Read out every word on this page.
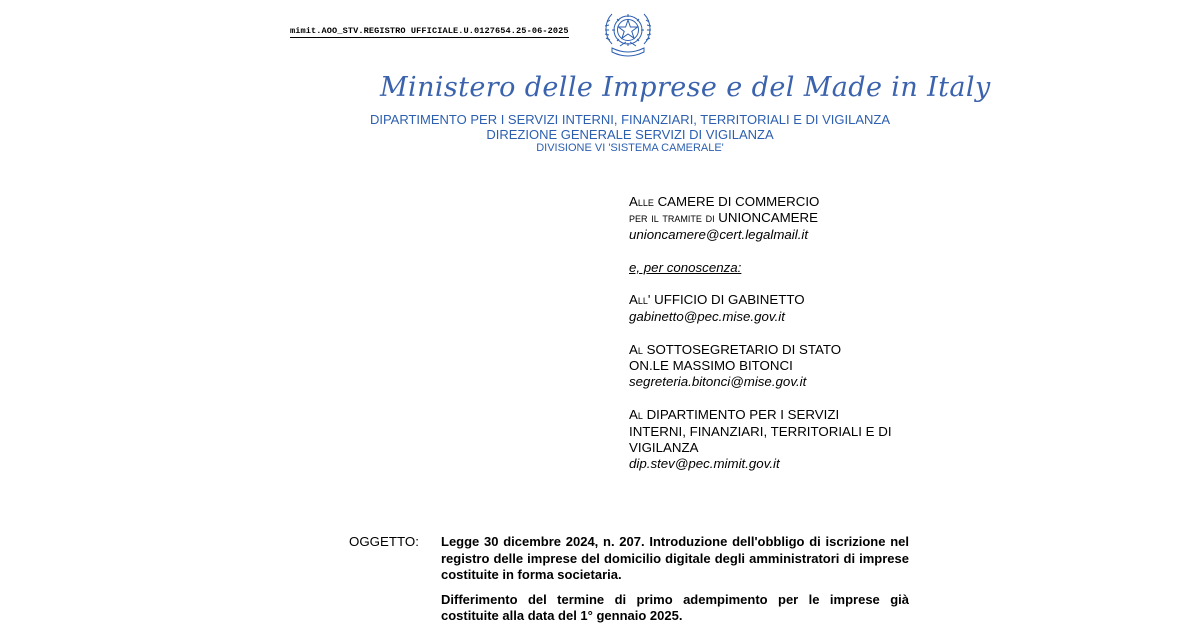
mimit.AOO_STV.REGISTRO UFFICIALE.U.0127654.25-06-2025
Ministero delle Imprese e del Made in Italy
DIPARTIMENTO PER I SERVIZI INTERNI, FINANZIARI, TERRITORIALI E DI VIGILANZA
DIREZIONE GENERALE SERVIZI DI VIGILANZA
DIVISIONE VI 'SISTEMA CAMERALE'
Alle CAMERE DI COMMERCIO
per il tramite di UNIONCAMERE
unioncamere@cert.legalmail.it
e, per conoscenza:
All' UFFICIO DI GABINETTO
gabinetto@pec.mise.gov.it
Al SOTTOSEGRETARIO DI STATO
ON.LE MASSIMO BITONCI
segreteria.bitonci@mise.gov.it
Al DIPARTIMENTO PER I SERVIZI
INTERNI, FINANZIARI, TERRITORIALI E DI
VIGILANZA
dip.stev@pec.mimit.gov.it
OGGETTO: Legge 30 dicembre 2024, n. 207. Introduzione dell'obbligo di iscrizione nel registro delle imprese del domicilio digitale degli amministratori di imprese costituite in forma societaria.

Differimento del termine di primo adempimento per le imprese già costituite alla data del 1° gennaio 2025.
